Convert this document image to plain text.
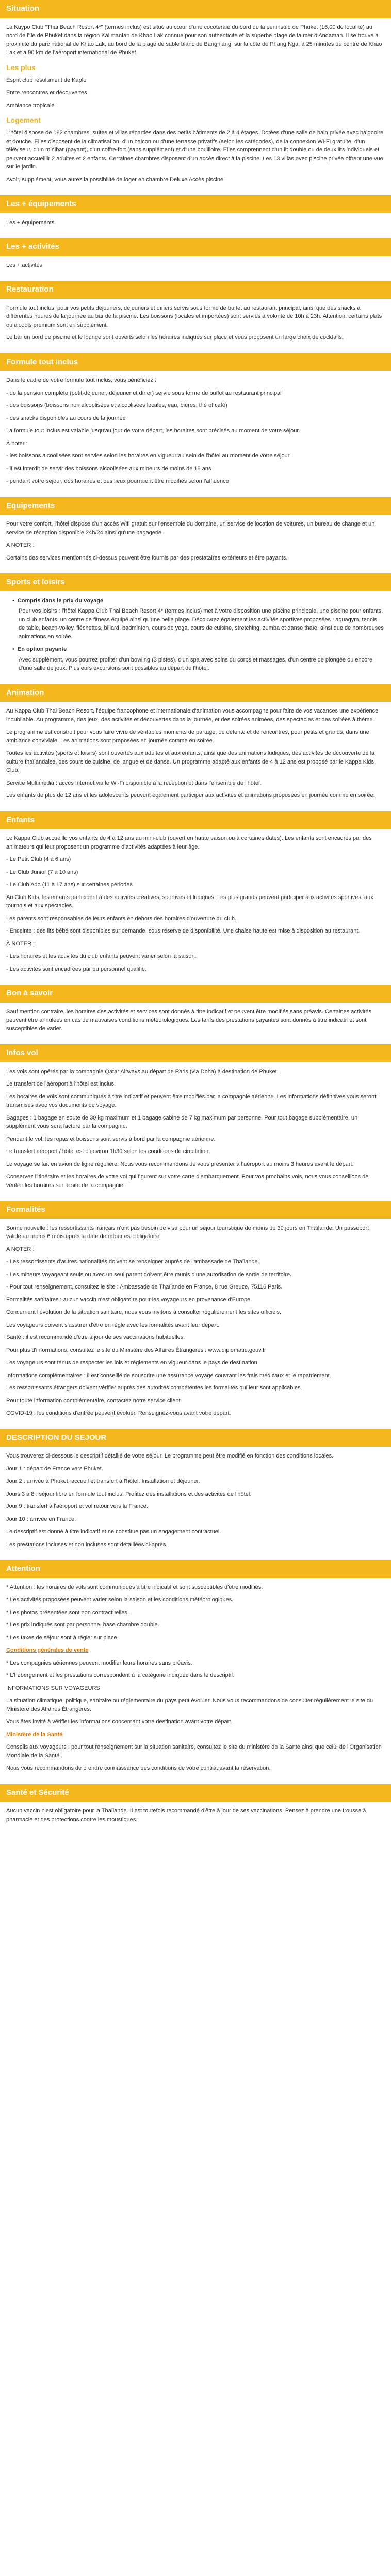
Situation

La Kaypo Club "Thai Beach Resort 4*" (termes inclus) est situé au cœur d'une cocoteraie du bord de la péninsule de Phuket (16,00 de localité) au nord de l'île de Phuket dans la région Kalimantan de Khao Lak connue pour son authenticité et la superbe plage de la mer d'Andaman. Il se trouve à proximité du parc national de Khao Lak, au bord de la plage de sable blanc de Bangniang, sur la côte de Phang Nga, à 25 minutes du centre de Khao Lak et à 90 km de l'aéroport international de Phuket.

Les plus

Esprit club résolument de Kaplo

Entre rencontres et découvertes

Ambiance tropicale

Logement

L'hôtel dispose de 182 chambres, suites et villas réparties dans des petits bâtiments de 2 à 4 étages. Dotées d'une salle de bain privée avec baignoire et douche. Elles disposent de la climatisation, d'un balcon ou d'une terrasse privatifs (selon les catégories), de la connexion Wi-Fi gratuite, d'un téléviseur, d'un minibar (payant), d'un coffre-fort (sans supplément) et d'une bouilloire. Elles comprennent d'un lit double ou de deux lits individuels et peuvent accueillir 2 adultes et 2 enfants. Certaines chambres disposent d'un accès direct à la piscine. Les 13 villas avec piscine privée offrent une vue sur le jardin.

Avoir, supplément, vous aurez la possibilité de loger en chambre Deluxe Accès piscine.

Les + équipements

Les + équipements

Les + activités

Les + activités

Restauration

Formule tout inclus: pour vos petits déjeuners, déjeuners et dîners servis sous forme de buffet au restaurant principal, ainsi que des snacks à différentes heures de la journée au bar de la piscine. Les boissons (locales et importées) sont servies à volonté de 10h à 23h. Attention: certains plats ou alcools premium sont en supplément.

Le bar en bord de piscine et le lounge sont ouverts selon les horaires indiqués sur place et vous proposent un large choix de cocktails.

Formule tout inclus

Dans le cadre de votre formule tout inclus, vous bénéficiez :

- de la pension complète (petit-déjeuner, déjeuner et dîner) servie sous forme de buffet au restaurant principal

- des boissons (boissons non alcoolisées et alcoolisées locales, eau, bières, thé et café)

- des snacks disponibles au cours de la journée

La formule tout inclus est valable jusqu'au jour de votre départ, les horaires sont précisés au moment de votre séjour.

À noter :

- les boissons alcoolisées sont servies selon les horaires en vigueur au sein de l'hôtel au moment de votre séjour

- il est interdit de servir des boissons alcoolisées aux mineurs de moins de 18 ans

- pendant votre séjour, des horaires et des lieux pourraient être modifiés selon l'affluence

Equipements

Pour votre confort, l'hôtel dispose d'un accès Wifi gratuit sur l'ensemble du domaine, un service de location de voitures, un bureau de change et un service de réception disponible 24h/24 ainsi qu'une bagagerie.

A NOTER :

Certains des services mentionnés ci-dessus peuvent être fournis par des prestataires extérieurs et être payants.

Sports et loisirs
• Compris dans le prix du voyage

Pour vos loisirs : l'hôtel Kappa Club Thai Beach Resort 4* (termes inclus) met à votre disposition une piscine principale, une piscine pour enfants, un club enfants, un centre de fitness équipé ainsi qu'une belle plage. Découvrez également les activités sportives proposées : aquagym, tennis de table, beach-volley, fléchettes, billard, badminton, cours de yoga, cours de cuisine, stretching, zumba et danse thaïe, ainsi que de nombreuses animations en soirée.

• En option payante

Avec supplément, vous pourrez profiter d'un bowling (3 pistes), d'un spa avec soins du corps et massages, d'un centre de plongée ou encore d'une salle de jeux. Plusieurs excursions sont possibles au départ de l'hôtel.

Animation

Au Kappa Club Thai Beach Resort, l'équipe francophone et internationale d'animation vous accompagne pour faire de vos vacances une expérience inoubliable. Au programme, des jeux, des activités et découvertes dans la journée, et des soirées animées, des spectacles et des soirées à thème.

Le programme est construit pour vous faire vivre de véritables moments de partage, de détente et de rencontres, pour petits et grands, dans une ambiance conviviale. Les animations sont proposées en journée comme en soirée.

Toutes les activités (sports et loisirs) sont ouvertes aux adultes et aux enfants, ainsi que des animations ludiques, des activités de découverte de la culture thaïlandaise, des cours de cuisine, de langue et de danse. Un programme adapté aux enfants de 4 à 12 ans est proposé par le Kappa Kids Club.

Service Multimédia : accès Internet via le Wi-Fi disponible à la réception et dans l'ensemble de l'hôtel.

Les enfants de plus de 12 ans et les adolescents peuvent également participer aux activités et animations proposées en journée comme en soirée.

Enfants

Le Kappa Club accueille vos enfants de 4 à 12 ans au mini-club (ouvert en haute saison ou à certaines dates). Les enfants sont encadrés par des animateurs qui leur proposent un programme d'activités adaptées à leur âge.

- Le Petit Club (4 à 6 ans)

- Le Club Junior (7 à 10 ans)

- Le Club Ado (11 à 17 ans) sur certaines périodes

Au Club Kids, les enfants participent à des activités créatives, sportives et ludiques. Les plus grands peuvent participer aux activités sportives, aux tournois et aux spectacles.

Les parents sont responsables de leurs enfants en dehors des horaires d'ouverture du club.

- Enceinte : des lits bébé sont disponibles sur demande, sous réserve de disponibilité. Une chaise haute est mise à disposition au restaurant.

À NOTER :

- Les horaires et les activités du club enfants peuvent varier selon la saison.

- Les activités sont encadrées par du personnel qualifié.

Bon à savoir

Sauf mention contraire, les horaires des activités et services sont donnés à titre indicatif et peuvent être modifiés sans préavis. Certaines activités peuvent être annulées en cas de mauvaises conditions météorologiques. Les tarifs des prestations payantes sont donnés à titre indicatif et sont susceptibles de varier.

Infos vol

Les vols sont opérés par la compagnie Qatar Airways au départ de Paris (via Doha) à destination de Phuket.

Le transfert de l'aéroport à l'hôtel est inclus.

Les horaires de vols sont communiqués à titre indicatif et peuvent être modifiés par la compagnie aérienne. Les informations définitives vous seront transmises avec vos documents de voyage.

Bagages : 1 bagage en soute de 30 kg maximum et 1 bagage cabine de 7 kg maximum par personne. Pour tout bagage supplémentaire, un supplément vous sera facturé par la compagnie.

Pendant le vol, les repas et boissons sont servis à bord par la compagnie aérienne.

Le transfert aéroport / hôtel est d'environ 1h30 selon les conditions de circulation.

Le voyage se fait en avion de ligne régulière. Nous vous recommandons de vous présenter à l'aéroport au moins 3 heures avant le départ.

Conservez l'itinéraire et les horaires de votre vol qui figurent sur votre carte d'embarquement. Pour vos prochains vols, nous vous conseillons de vérifier les horaires sur le site de la compagnie.

Formalités

Bonne nouvelle : les ressortissants français n'ont pas besoin de visa pour un séjour touristique de moins de 30 jours en Thaïlande. Un passeport valide au moins 6 mois après la date de retour est obligatoire.

A NOTER :

- Les ressortissants d'autres nationalités doivent se renseigner auprès de l'ambassade de Thaïlande.

- Les mineurs voyageant seuls ou avec un seul parent doivent être munis d'une autorisation de sortie de territoire.

- Pour tout renseignement, consultez le site : Ambassade de Thaïlande en France, 8 rue Greuze, 75116 Paris.

Formalités sanitaires : aucun vaccin n'est obligatoire pour les voyageurs en provenance d'Europe.

Concernant l'évolution de la situation sanitaire, nous vous invitons à consulter régulièrement les sites officiels.

Les voyageurs doivent s'assurer d'être en règle avec les formalités avant leur départ.

Santé : il est recommandé d'être à jour de ses vaccinations habituelles.

Pour plus d'informations, consultez le site du Ministère des Affaires Étrangères : www.diplomatie.gouv.fr

Les voyageurs sont tenus de respecter les lois et règlements en vigueur dans le pays de destination.

Informations complémentaires : il est conseillé de souscrire une assurance voyage couvrant les frais médicaux et le rapatriement.

Les ressortissants étrangers doivent vérifier auprès des autorités compétentes les formalités qui leur sont applicables.

Pour toute information complémentaire, contactez notre service client.

COVID-19 : les conditions d'entrée peuvent évoluer. Renseignez-vous avant votre départ.

DESCRIPTION DU SEJOUR

Vous trouverez ci-dessous le descriptif détaillé de votre séjour. Le programme peut être modifié en fonction des conditions locales.

Jour 1 : départ de France vers Phuket.

Jour 2 : arrivée à Phuket, accueil et transfert à l'hôtel. Installation et déjeuner.

Jours 3 à 8 : séjour libre en formule tout inclus. Profitez des installations et des activités de l'hôtel.

Jour 9 : transfert à l'aéroport et vol retour vers la France.

Jour 10 : arrivée en France.

Le descriptif est donné à titre indicatif et ne constitue pas un engagement contractuel.

Les prestations incluses et non incluses sont détaillées ci-après.

Attention

* Attention : les horaires de vols sont communiqués à titre indicatif et sont susceptibles d'être modifiés.

* Les activités proposées peuvent varier selon la saison et les conditions météorologiques.

* Les photos présentées sont non contractuelles.

* Les prix indiqués sont par personne, base chambre double.

* Les taxes de séjour sont à régler sur place.

Conditions générales de vente

* Les compagnies aériennes peuvent modifier leurs horaires sans préavis.

* L'hébergement et les prestations correspondent à la catégorie indiquée dans le descriptif.

INFORMATIONS SUR VOYAGEURS

La situation climatique, politique, sanitaire ou réglementaire du pays peut évoluer. Nous vous recommandons de consulter régulièrement le site du Ministère des Affaires Étrangères.

Vous êtes invité à vérifier les informations concernant votre destination avant votre départ.

Ministère de la Santé

Conseils aux voyageurs : pour tout renseignement sur la situation sanitaire, consultez le site du ministère de la Santé ainsi que celui de l'Organisation Mondiale de la Santé.

Nous vous recommandons de prendre connaissance des conditions de votre contrat avant la réservation.

Santé et Sécurité

Aucun vaccin n'est obligatoire pour la Thaïlande. Il est toutefois recommandé d'être à jour de ses vaccinations. Pensez à prendre une trousse à pharmacie et des protections contre les moustiques.
